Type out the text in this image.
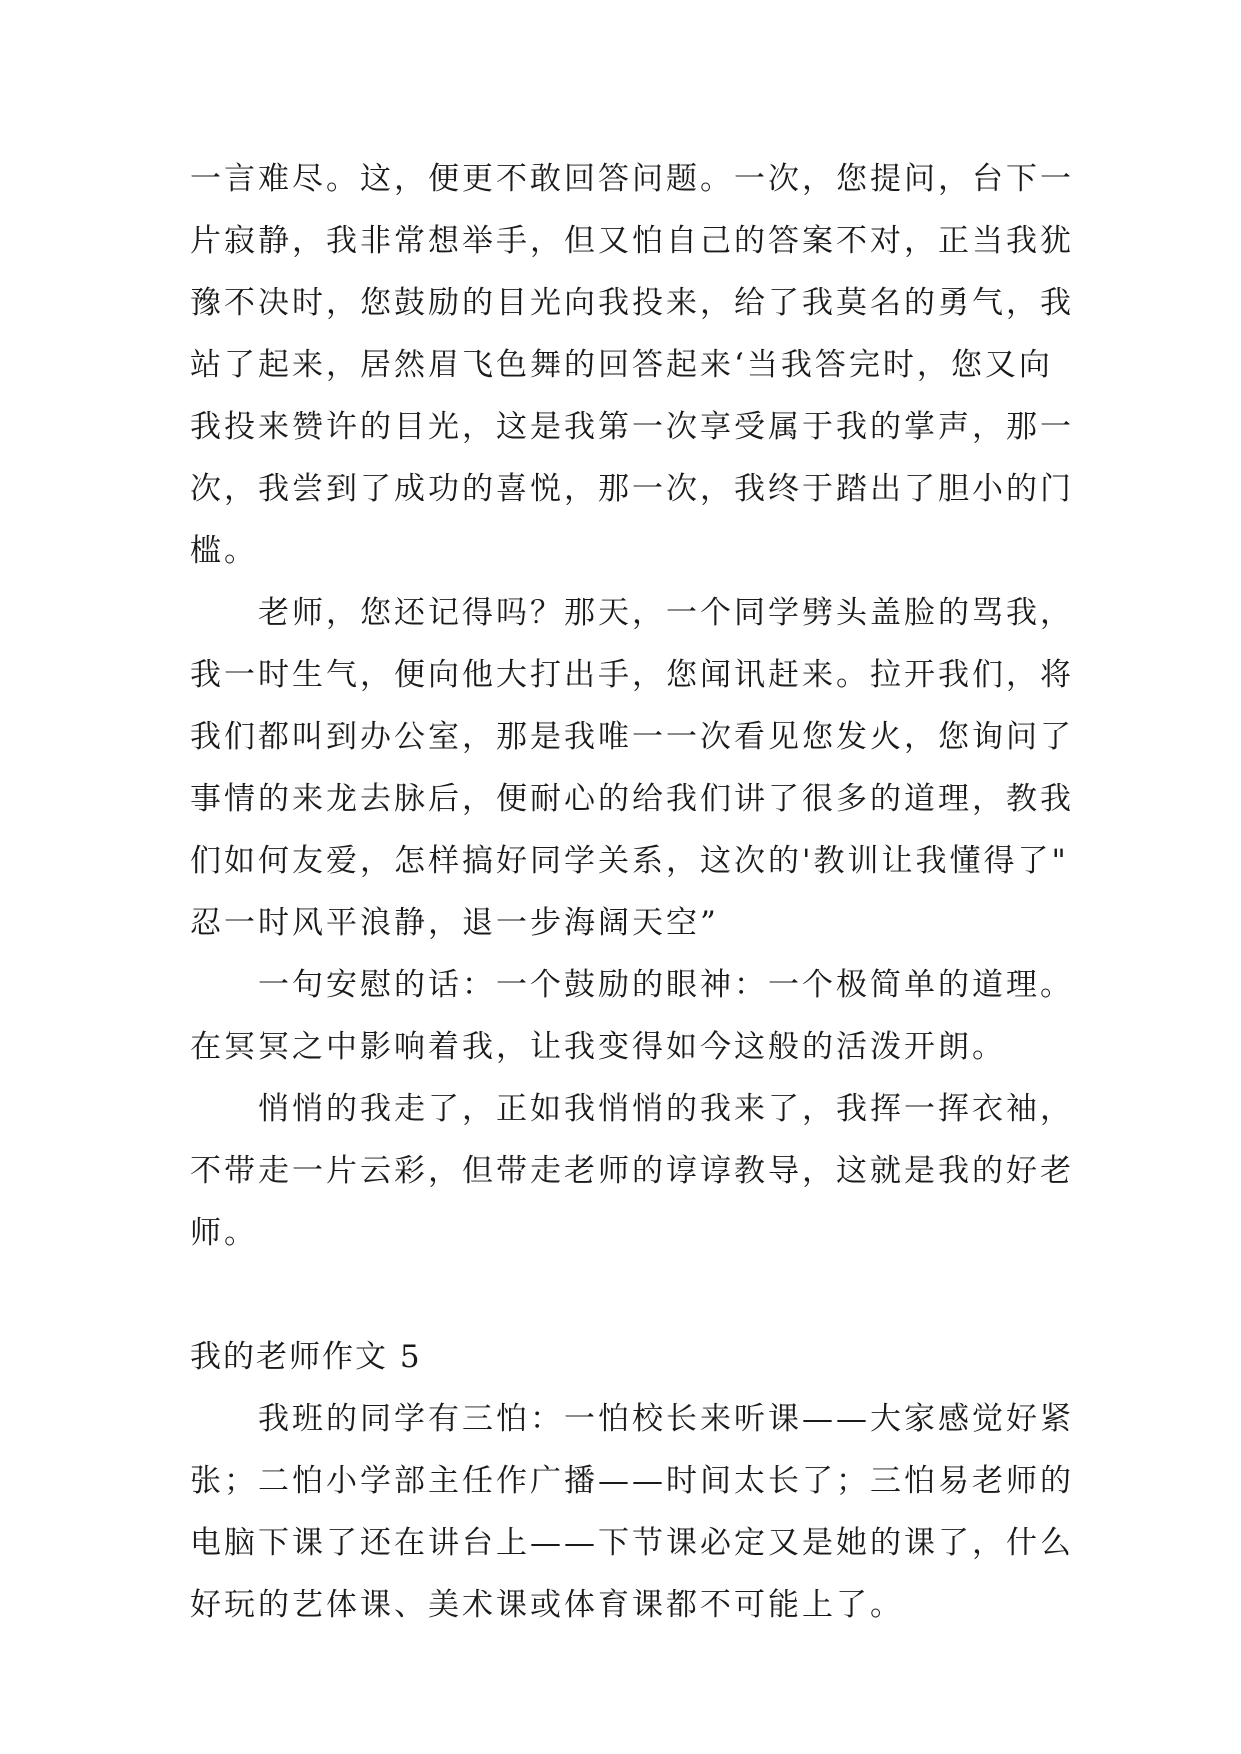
一言难尽。这，便更不敢回答问题。一次，您提问，台下一
片寂静，我非常想举手，但又怕自己的答案不对，正当我犹
豫不决时，您鼓励的目光向我投来，给了我莫名的勇气，我
站了起来，居然眉飞色舞的回答起来‘当我答完时，您又向
我投来赞许的目光，这是我第一次享受属于我的掌声，那一
次，我尝到了成功的喜悦，那一次，我终于踏出了胆小的门
槛。
老师，您还记得吗？那天，一个同学劈头盖脸的骂我，
我一时生气，便向他大打出手，您闻讯赶来。拉开我们，将
我们都叫到办公室，那是我唯一一次看见您发火，您询问了
事情的来龙去脉后，便耐心的给我们讲了很多的道理，教我
们如何友爱，怎样搞好同学关系，这次的'教训让我懂得了"
忍一时风平浪静，退一步海阔天空”
一句安慰的话：一个鼓励的眼神：一个极简单的道理。
在冥冥之中影响着我，让我变得如今这般的活泼开朗。
悄悄的我走了，正如我悄悄的我来了，我挥一挥衣袖，
不带走一片云彩，但带走老师的谆谆教导，这就是我的好老
师。
我的老师作文 5
我班的同学有三怕：一怕校长来听课——大家感觉好紧
张；二怕小学部主任作广播——时间太长了；三怕易老师的
电脑下课了还在讲台上——下节课必定又是她的课了，什么
好玩的艺体课、美术课或体育课都不可能上了。
